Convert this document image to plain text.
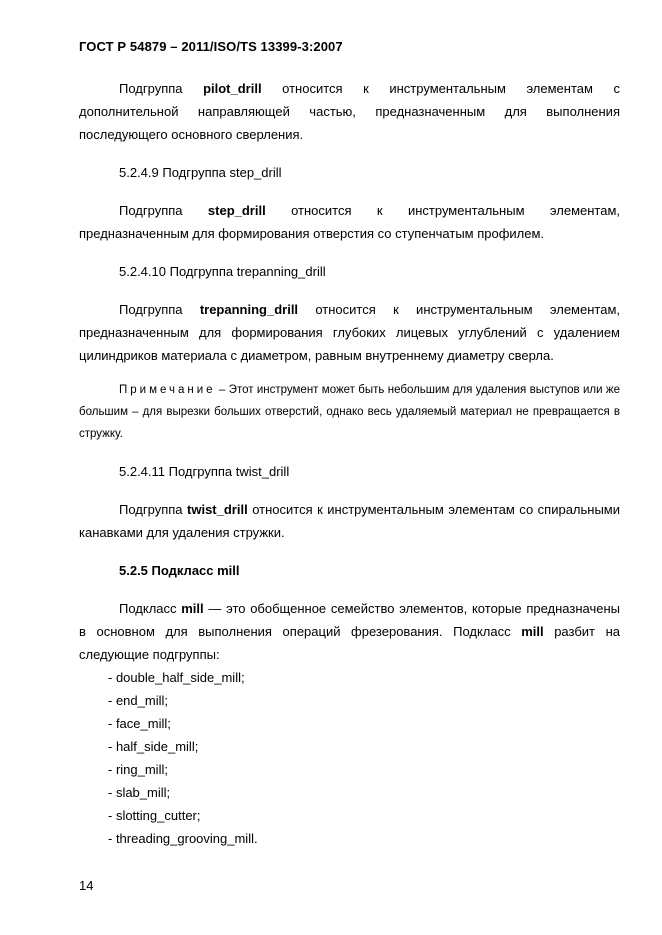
ГОСТ Р 54879 – 2011/ISO/TS 13399-3:2007

Подгруппа pilot_drill относится к инструментальным элементам с дополнительной направляющей частью, предназначенным для выполнения последующего основного сверления.

5.2.4.9 Подгруппа step_drill

Подгруппа step_drill относится к инструментальным элементам, предназначенным для формирования отверстия со ступенчатым профилем.

5.2.4.10 Подгруппа trepanning_drill

Подгруппа trepanning_drill относится к инструментальным элементам, предназначенным для формирования глубоких лицевых углублений с удалением цилиндриков материала с диаметром, равным внутреннему диаметру сверла.

Примечание – Этот инструмент может быть небольшим для удаления выступов или же большим – для вырезки больших отверстий, однако весь удаляемый материал не превращается в стружку.

5.2.4.11 Подгруппа twist_drill

Подгруппа twist_drill относится к инструментальным элементам со спиральными канавками для удаления стружки.

5.2.5 Подкласс mill

Подкласс mill — это обобщенное семейство элементов, которые предназначены в основном для выполнения операций фрезерования. Подкласс mill разбит на следующие подгруппы:

- double_half_side_mill;
- end_mill;
- face_mill;
- half_side_mill;
- ring_mill;
- slab_mill;
- slotting_cutter;
- threading_grooving_mill.
14
